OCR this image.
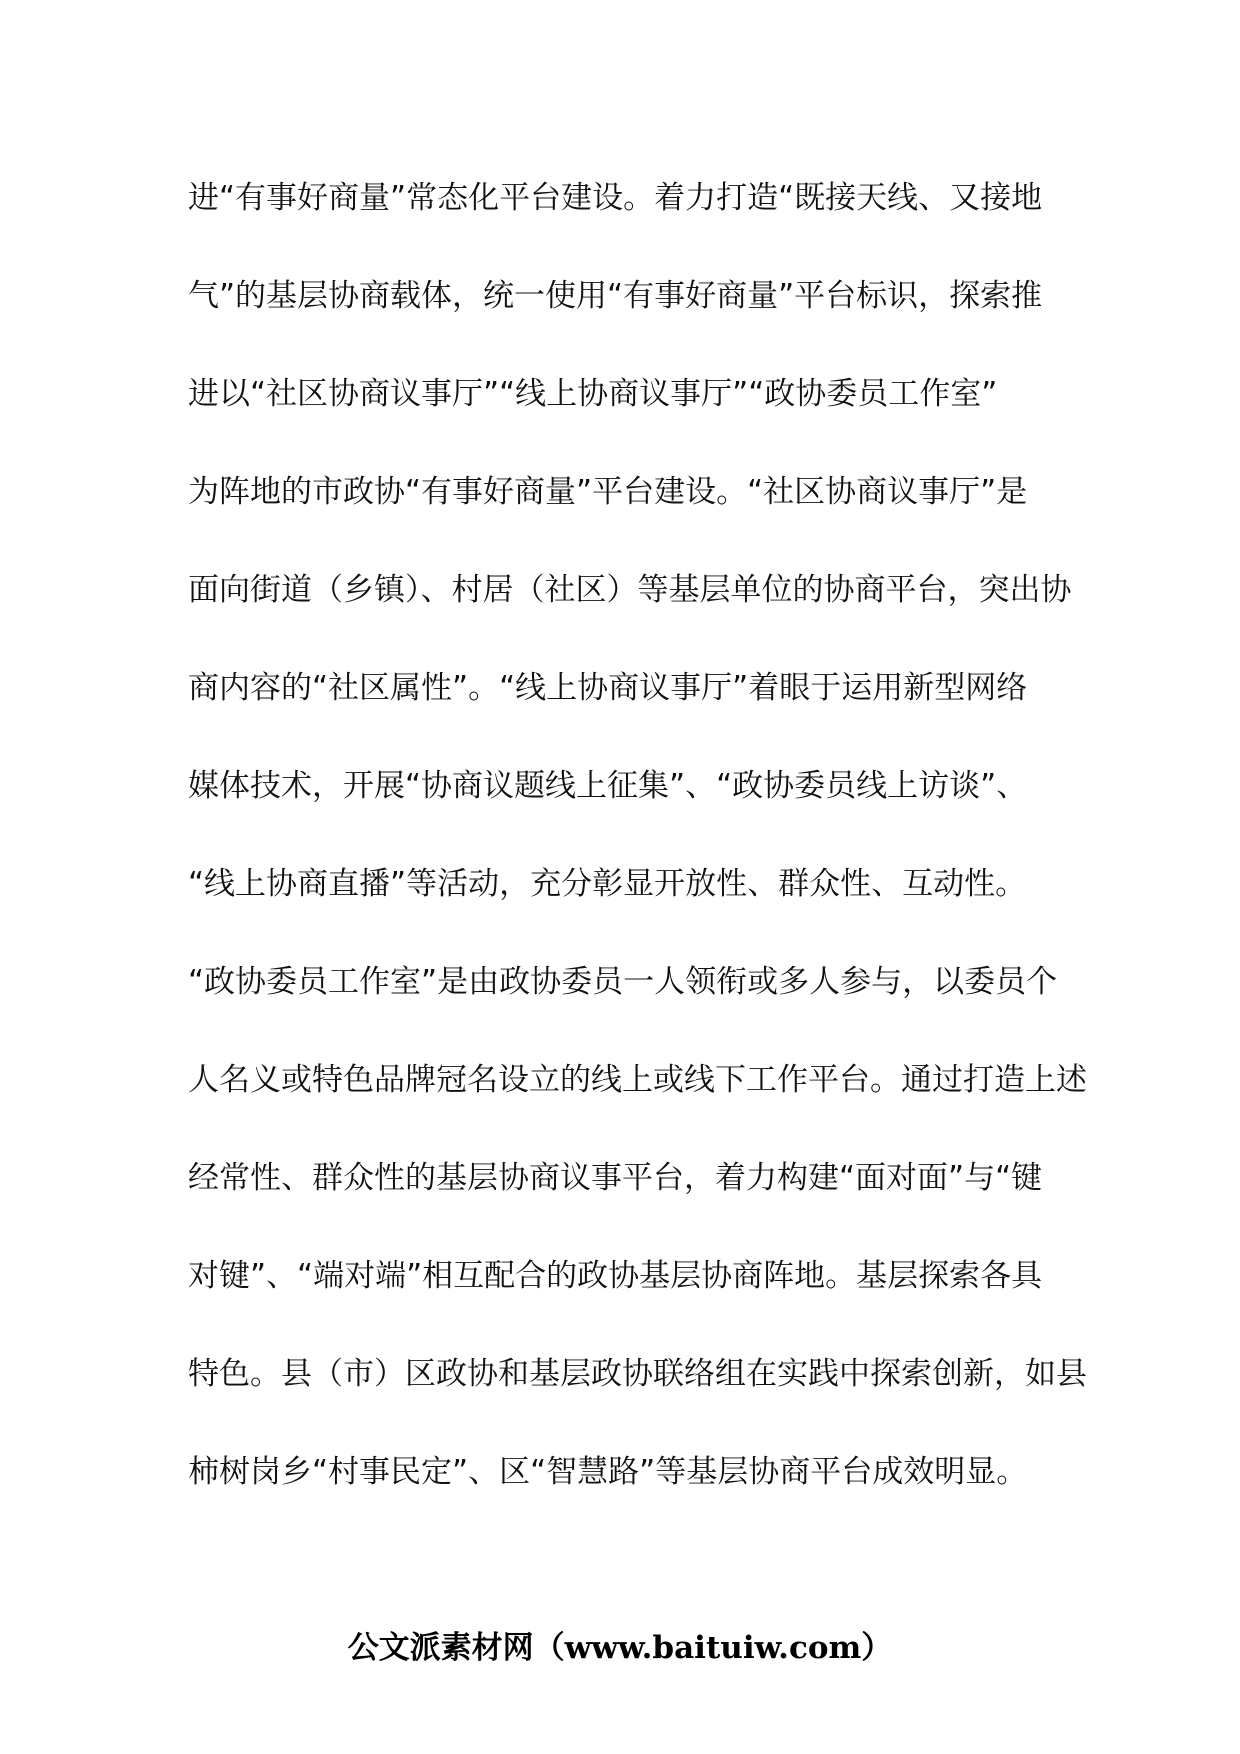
进“有事好商量”常态化平台建设。着力打造“既接天线、又接地
气”的基层协商载体，统一使用“有事好商量”平台标识，探索推
进以“社区协商议事厅”“线上协商议事厅”“政协委员工作室”
为阵地的市政协“有事好商量”平台建设。“社区协商议事厅”是
面向街道（乡镇）、村居（社区）等基层单位的协商平台，突出协
商内容的“社区属性”。“线上协商议事厅”着眼于运用新型网络
媒体技术，开展“协商议题线上征集”、“政协委员线上访谈”、
“线上协商直播”等活动，充分彰显开放性、群众性、互动性。
“政协委员工作室”是由政协委员一人领衔或多人参与，以委员个
人名义或特色品牌冠名设立的线上或线下工作平台。通过打造上述
经常性、群众性的基层协商议事平台，着力构建“面对面”与“键
对键”、“端对端”相互配合的政协基层协商阵地。基层探索各具
特色。县（市）区政协和基层政协联络组在实践中探索创新，如县
柿树岗乡“村事民定”、区“智慧路”等基层协商平台成效明显。
公文派素材网（www.baituiw.com）
